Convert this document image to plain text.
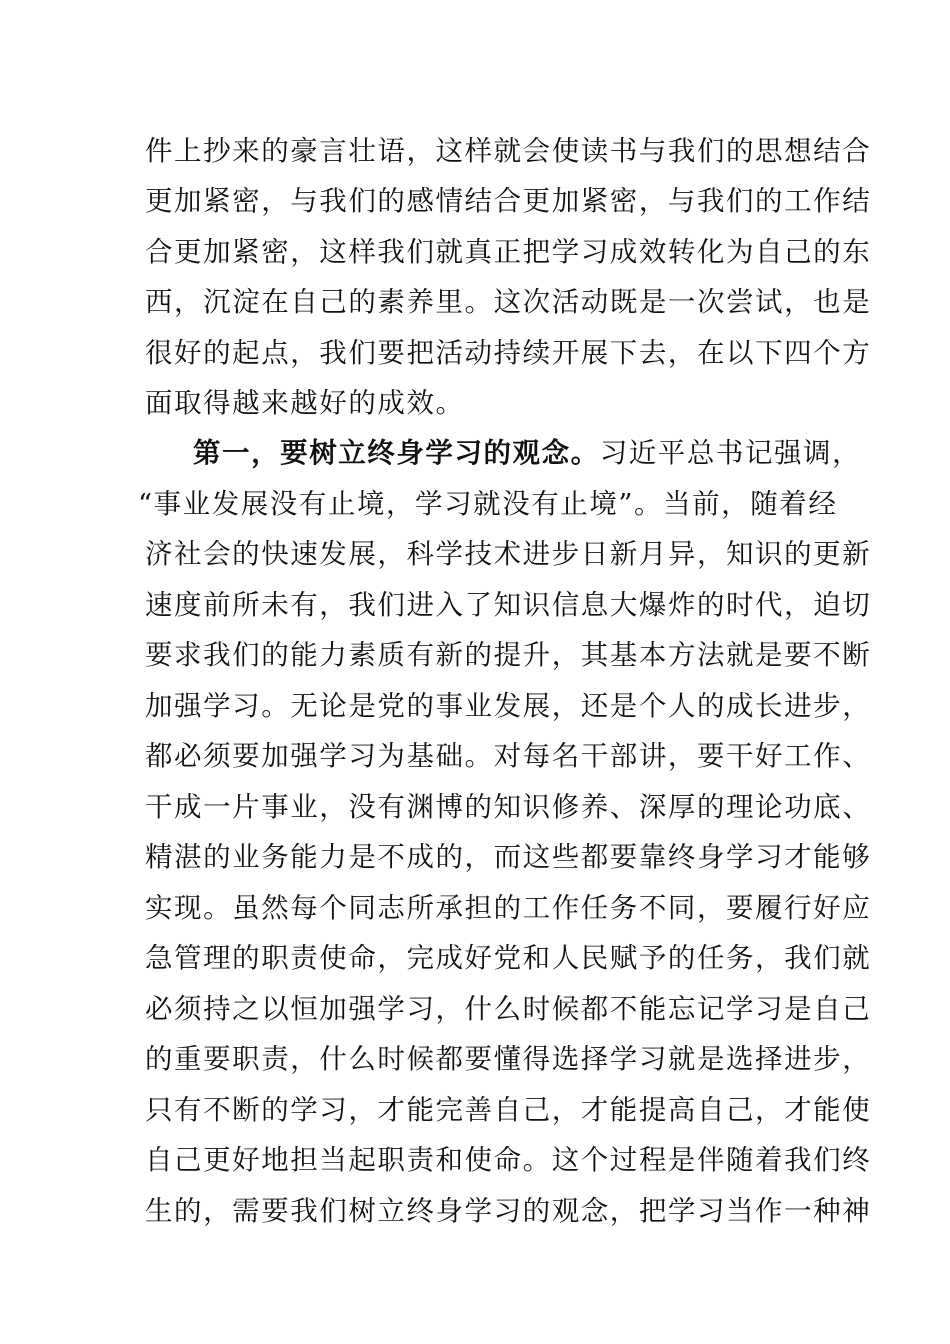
件上抄来的豪言壮语，这样就会使读书与我们的思想结合
更加紧密，与我们的感情结合更加紧密，与我们的工作结
合更加紧密，这样我们就真正把学习成效转化为自己的东
西，沉淀在自己的素养里。这次活动既是一次尝试，也是
很好的起点，我们要把活动持续开展下去，在以下四个方
面取得越来越好的成效。
第一，要树立终身学习的观念。习近平总书记强调，
“事业发展没有止境，学习就没有止境”。当前，随着经
济社会的快速发展，科学技术进步日新月异，知识的更新
速度前所未有，我们进入了知识信息大爆炸的时代，迫切
要求我们的能力素质有新的提升，其基本方法就是要不断
加强学习。无论是党的事业发展，还是个人的成长进步，
都必须要加强学习为基础。对每名干部讲，要干好工作、
干成一片事业，没有渊博的知识修养、深厚的理论功底、
精湛的业务能力是不成的，而这些都要靠终身学习才能够
实现。虽然每个同志所承担的工作任务不同，要履行好应
急管理的职责使命，完成好党和人民赋予的任务，我们就
必须持之以恒加强学习，什么时候都不能忘记学习是自己
的重要职责，什么时候都要懂得选择学习就是选择进步，
只有不断的学习，才能完善自己，才能提高自己，才能使
自己更好地担当起职责和使命。这个过程是伴随着我们终
生的，需要我们树立终身学习的观念，把学习当作一种神
